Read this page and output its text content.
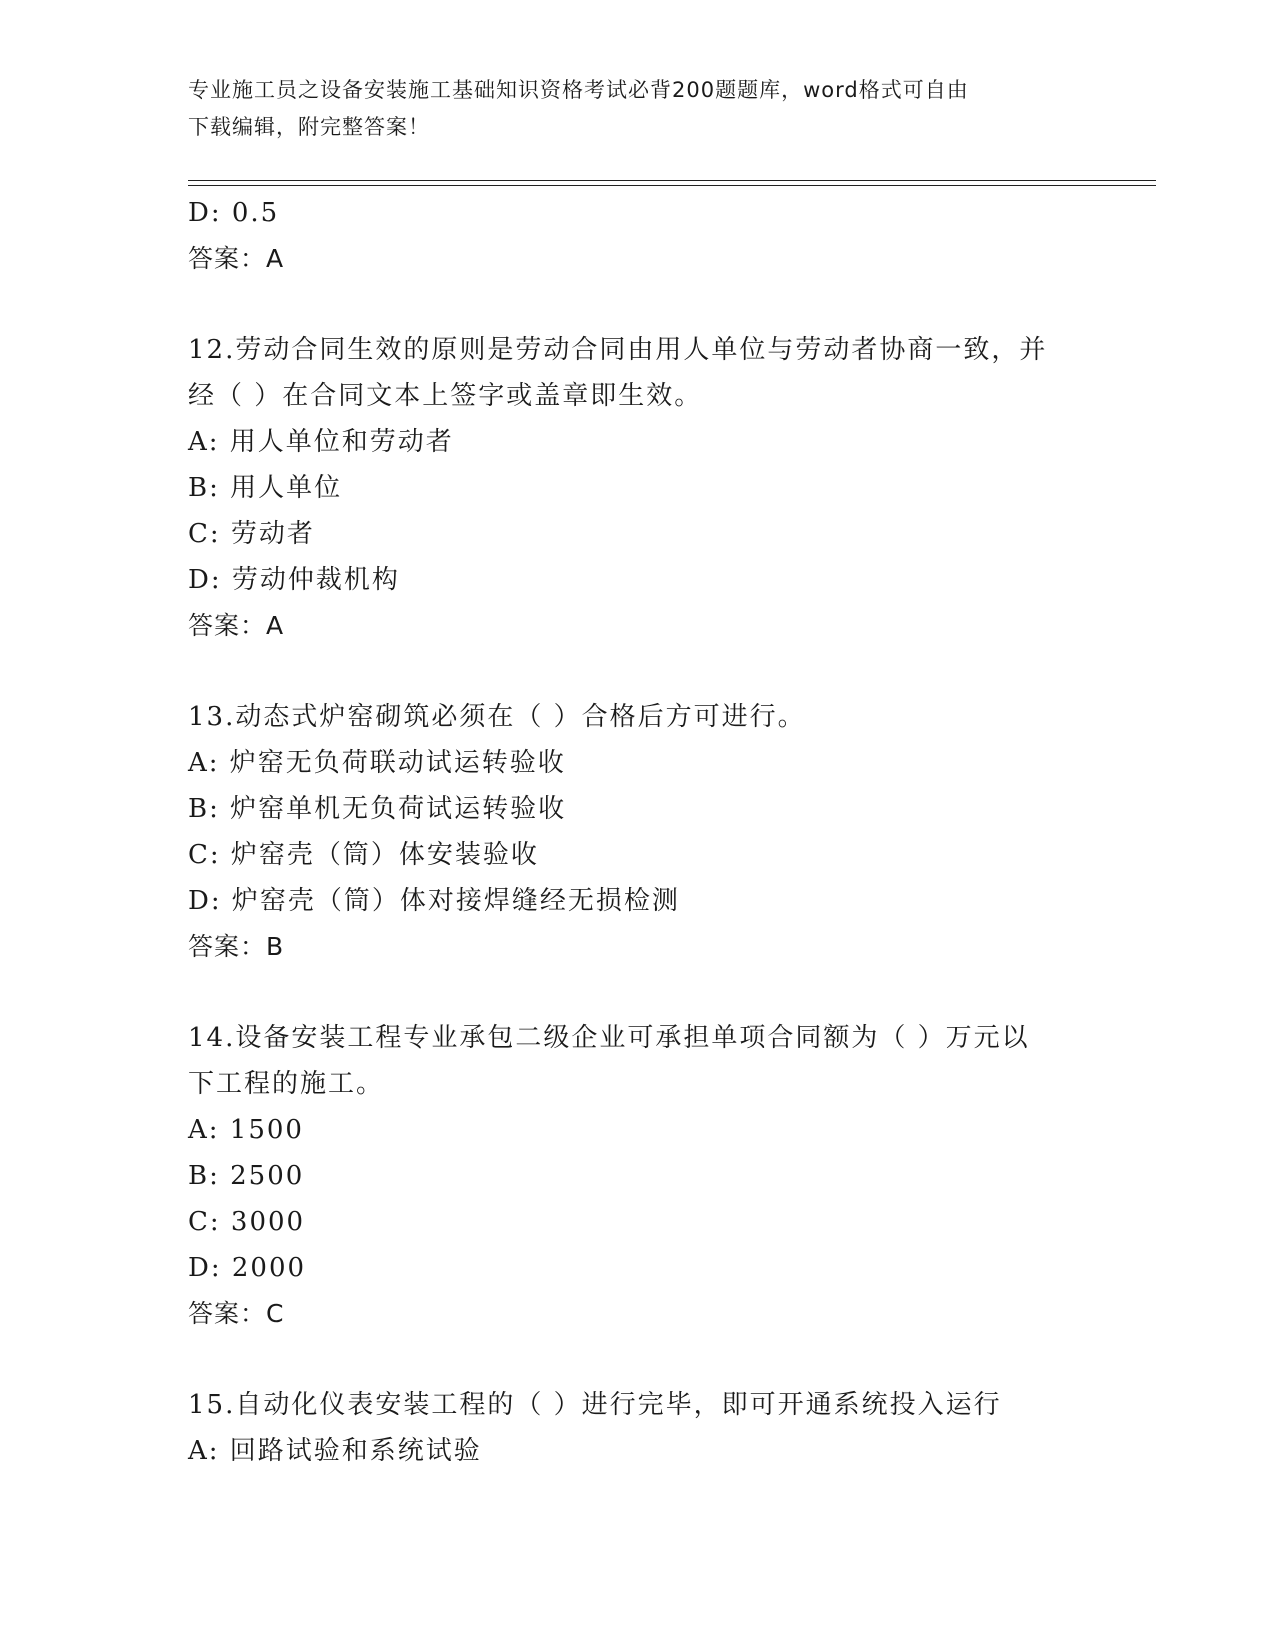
专业施工员之设备安装施工基础知识资格考试必背200题题库，word格式可自由
下载编辑，附完整答案！
D: 0.5
答案：A
12.劳动合同生效的原则是劳动合同由用人单位与劳动者协商一致，并
经（ ）在合同文本上签字或盖章即生效。
A: 用人单位和劳动者
B: 用人单位
C: 劳动者
D: 劳动仲裁机构
答案：A
13.动态式炉窑砌筑必须在（ ）合格后方可进行。
A: 炉窑无负荷联动试运转验收
B: 炉窑单机无负荷试运转验收
C: 炉窑壳（筒）体安装验收
D: 炉窑壳（筒）体对接焊缝经无损检测
答案：B
14.设备安装工程专业承包二级企业可承担单项合同额为（ ）万元以
下工程的施工。
A: 1500
B: 2500
C: 3000
D: 2000
答案：C
15.自动化仪表安装工程的（ ）进行完毕，即可开通系统投入运行
A: 回路试验和系统试验
